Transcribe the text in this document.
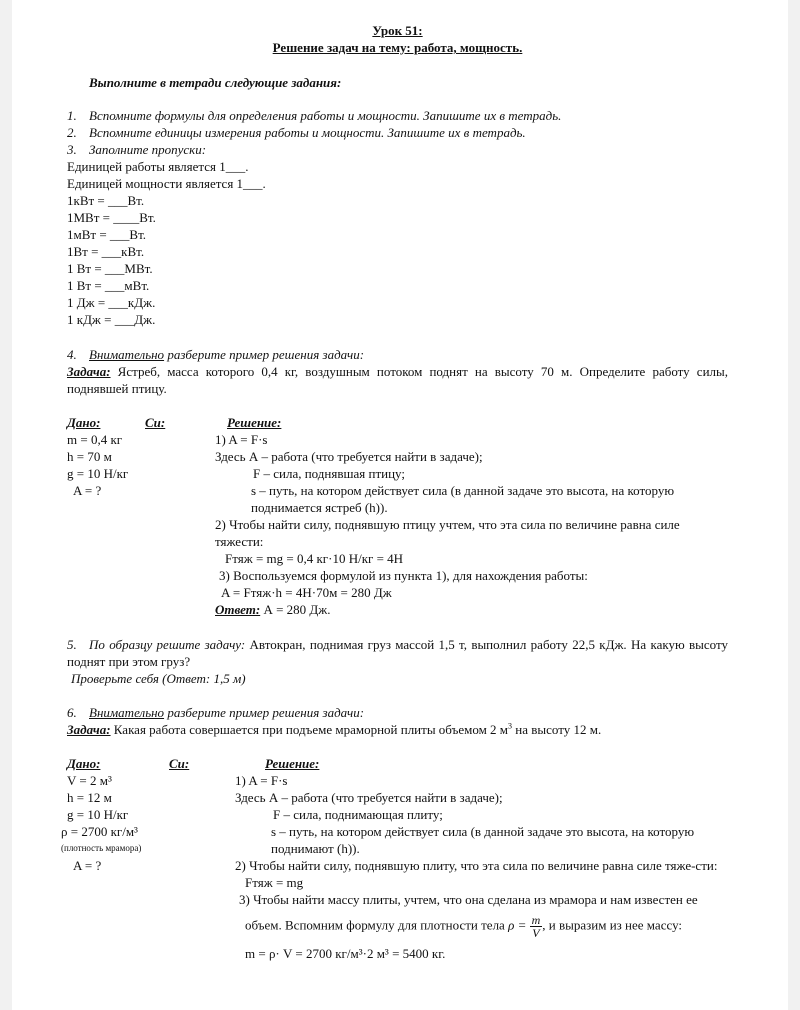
Урок 51:
Решение задач на тему: работа, мощность.
Выполните в тетради следующие задания:
1. Вспомните формулы для определения работы и мощности. Запишите их в тетрадь.
2. Вспомните единицы измерения работы и мощности. Запишите их в тетрадь.
3. Заполните пропуски:
Единицей работы является 1___.
Единицей мощности является 1___.
1кВт = ___Вт.
1МВт = ____Вт.
1мВт = ___Вт.
1Вт = ___кВт.
1 Вт = ___МВт.
1 Вт = ___мВт.
1 Дж = ___кДж.
1 кДж = ___Дж.
4. Внимательно разберите пример решения задачи:
Задача: Ястреб, масса которого 0,4 кг, воздушным потоком поднят на высоту 70 м. Определите работу силы, поднявшей птицу.
Дано:
m = 0,4 кг
h = 70 м
g = 10 Н/кг
A = ?
Си:	Решение:
1) A = F·s
Здесь А – работа (что требуется найти в задаче);
F – сила, поднявшая птицу;
s – путь, на котором действует сила (в данной задаче это высота, на которую поднимается ястреб (h)).
2) Чтобы найти силу, поднявшую птицу учтем, что эта сила по величине равна силе тяжести:
Fтяж = mg = 0,4 кг·10 Н/кг = 4Н
3) Воспользуемся формулой из пункта 1), для нахождения работы:
A = Fтяж·h = 4Н·70м = 280 Дж
Ответ: А = 280 Дж.
5. По образцу решите задачу: Автокран, поднимая груз массой 1,5 т, выполнил работу 22,5 кДж. На какую высоту поднят при этом груз?
Проверьте себя (Ответ: 1,5 м)
6. Внимательно разберите пример решения задачи:
Задача: Какая работа совершается при подъеме мраморной плиты объемом 2 $м^3$ на высоту 12 м.
Дано:
V = 2 м³
h = 12 м
g = 10 Н/кг
ρ = 2700 кг/м³
(плотность мрамора)
A = ?
Си:	Решение:
1) A = F·s
Здесь А – работа (что требуется найти в задаче);
F – сила, поднимающая плиту;
s – путь, на котором действует сила (в данной задаче это высота, на которую поднимают (h)).
2) Чтобы найти силу, поднявшую плиту, что эта сила по величине равна силе тяже-сти:
Fтяж = mg
3) Чтобы найти массу плиты, учтем, что она сделана из мрамора и нам известен ее
объем. Вспомним формулу для плотности тела $\rho = \frac{m}{V}$ , и выразим из нее массу:
m = ρ· V = 2700 кг/м³·2 м³ = 5400 кг.
